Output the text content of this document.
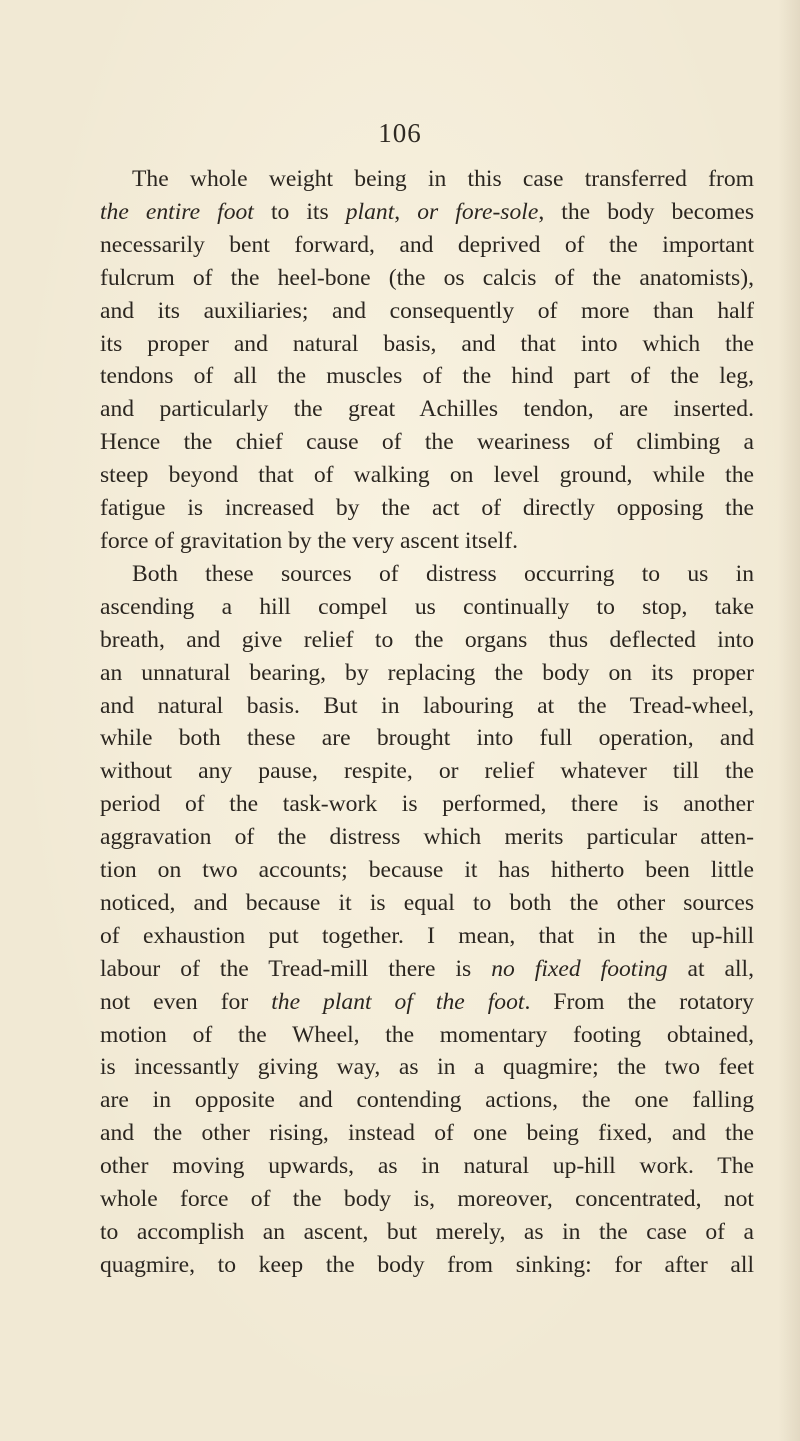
106
The whole weight being in this case transferred from
the entire foot to its plant, or fore-sole, the body becomes
necessarily bent forward, and deprived of the important
fulcrum of the heel-bone (the os calcis of the anatomists),
and its auxiliaries; and consequently of more than half
its proper and natural basis, and that into which the
tendons of all the muscles of the hind part of the leg,
and particularly the great Achilles tendon, are inserted.
Hence the chief cause of the weariness of climbing a
steep beyond that of walking on level ground, while the
fatigue is increased by the act of directly opposing the
force of gravitation by the very ascent itself.
Both these sources of distress occurring to us in
ascending a hill compel us continually to stop, take
breath, and give relief to the organs thus deflected into
an unnatural bearing, by replacing the body on its proper
and natural basis. But in labouring at the Tread-wheel,
while both these are brought into full operation, and
without any pause, respite, or relief whatever till the
period of the task-work is performed, there is another
aggravation of the distress which merits particular atten-
tion on two accounts; because it has hitherto been little
noticed, and because it is equal to both the other sources
of exhaustion put together. I mean, that in the up-hill
labour of the Tread-mill there is no fixed footing at all,
not even for the plant of the foot. From the rotatory
motion of the Wheel, the momentary footing obtained,
is incessantly giving way, as in a quagmire; the two feet
are in opposite and contending actions, the one falling
and the other rising, instead of one being fixed, and the
other moving upwards, as in natural up-hill work. The
whole force of the body is, moreover, concentrated, not
to accomplish an ascent, but merely, as in the case of a
quagmire, to keep the body from sinking: for after all
